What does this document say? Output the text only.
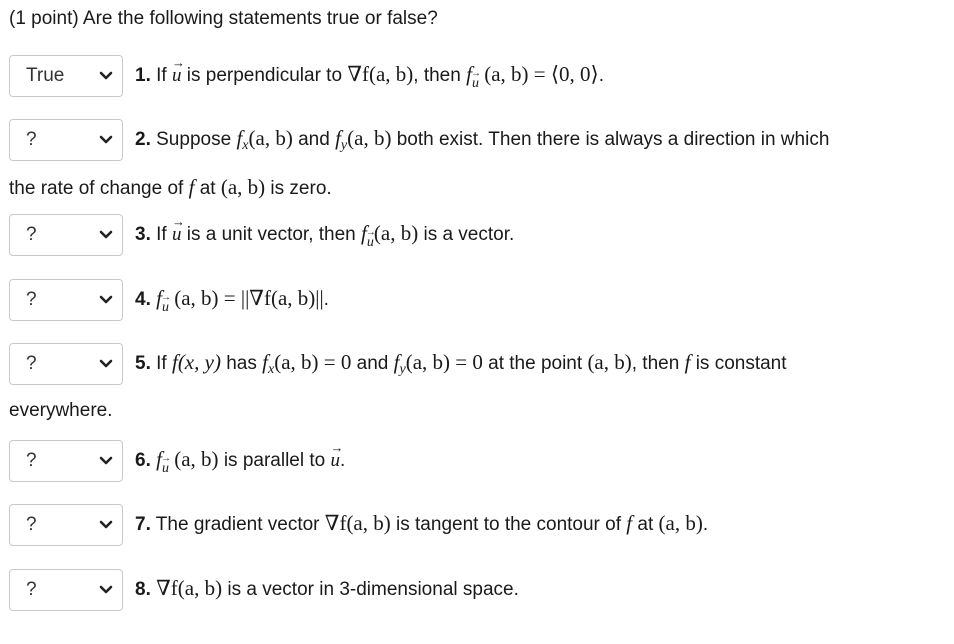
(1 point) Are the following statements true or false?
True	1. If → u is perpendicular to ∇f(a, b), then f→ u (a, b) = ⟨0, 0⟩.
?	2. Suppose $f_x(a$, b) and $f_y(a$, b) both exist. Then there is always a direction in which
the rate of change of f at (a, b) is zero.
?	3. If → u is a unit vector, then f→ u(a, b) is a vector.
?	4. f→ u (a, b) = ||∇f(a, b)||.
?	5. If f(x, y) has $f_x(a$, b) = 0 and $f_y(a$, b) = 0 at the point (a, b), then f is constant
everywhere.
?	6. f→ u (a, b) is parallel to → u.
?	7. The gradient vector ∇f(a, b) is tangent to the contour of f at (a, b).
?	8. ∇f(a, b) is a vector in 3-dimensional space.
